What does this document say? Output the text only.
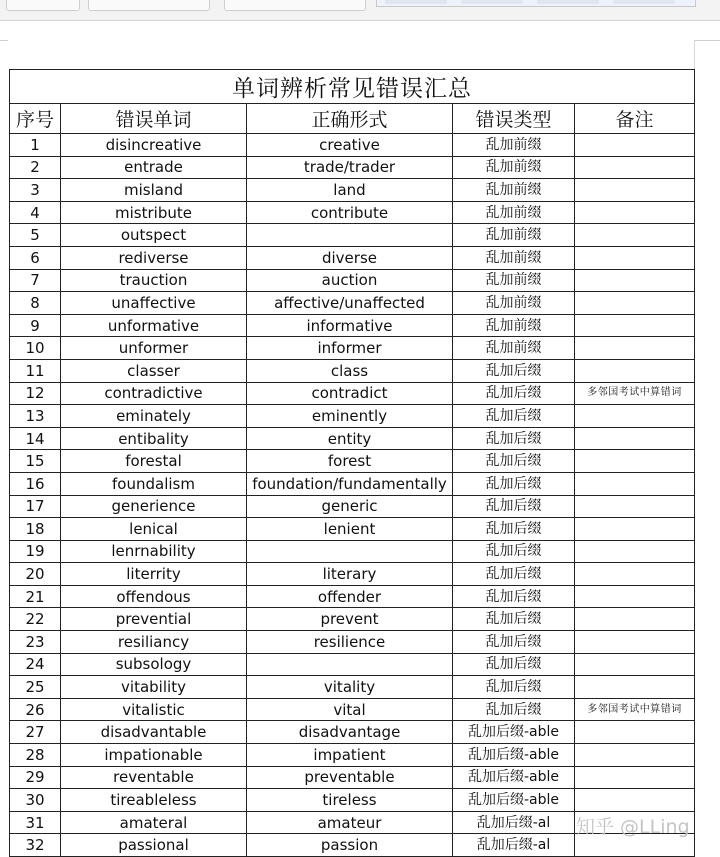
单词辨析常见错误汇总				
序号	错误单词	正确形式	错误类型	备注
1	disincreative	creative	乱加前缀	
2	entrade	trade/trader	乱加前缀	
3	misland	land	乱加前缀	
4	mistribute	contribute	乱加前缀	
5	outspect		乱加前缀	
6	rediverse	diverse	乱加前缀	
7	trauction	auction	乱加前缀	
8	unaffective	affective/unaffected	乱加前缀	
9	unformative	informative	乱加前缀	
10	unformer	informer	乱加前缀	
11	classer	class	乱加后缀	
12	contradictive	contradict	乱加后缀	多邻国考试中算错词
13	eminately	eminently	乱加后缀	
14	entibality	entity	乱加后缀	
15	forestal	forest	乱加后缀	
16	foundalism	foundation/fundamentally	乱加后缀	
17	generience	generic	乱加后缀	
18	lenical	lenient	乱加后缀	
19	lenrnability		乱加后缀	
20	literrity	literary	乱加后缀	
21	offendous	offender	乱加后缀	
22	prevential	prevent	乱加后缀	
23	resiliancy	resilience	乱加后缀	
24	subsology		乱加后缀	
25	vitability	vitality	乱加后缀	
26	vitalistic	vital	乱加后缀	多邻国考试中算错词
27	disadvantable	disadvantage	乱加后缀-able	
28	impationable	impatient	乱加后缀-able	
29	reventable	preventable	乱加后缀-able	
30	tireableless	tireless	乱加后缀-able	
31	amateral	amateur	乱加后缀-al	
32	passional	passion	乱加后缀-al	
知乎 @LLing
